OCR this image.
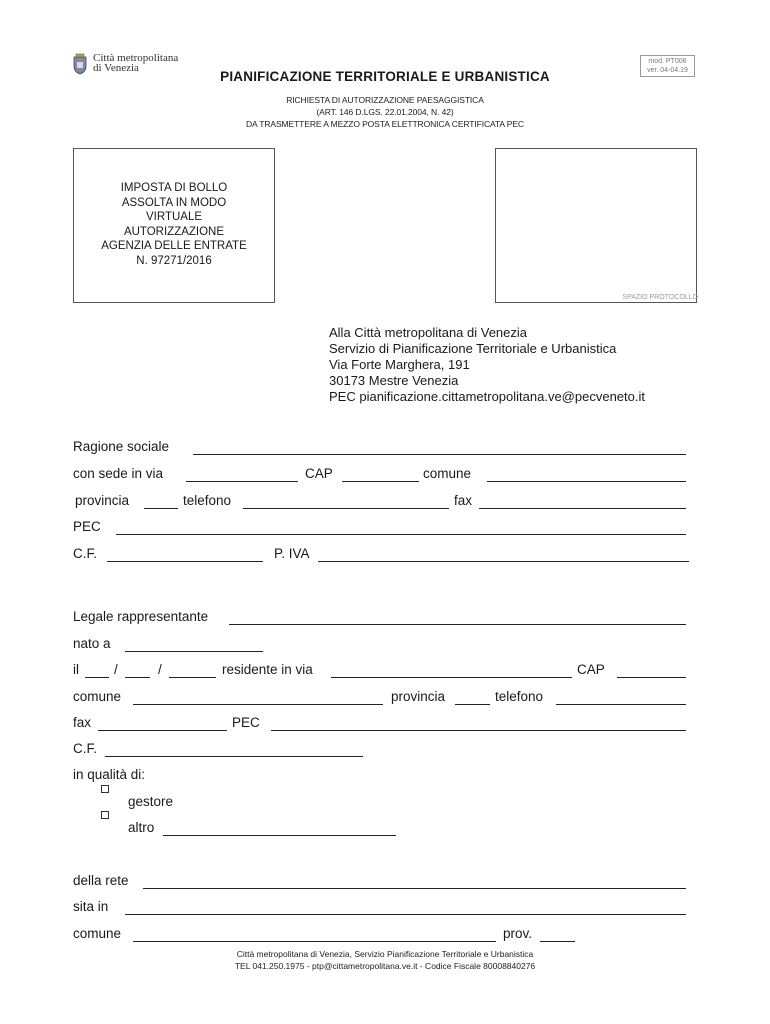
Città metropolitana
di Venezia
mod. PT006
ver. 04-04.19
PIANIFICAZIONE TERRITORIALE E URBANISTICA
RICHIESTA DI AUTORIZZAZIONE PAESAGGISTICA
(ART. 146 D.LGS. 22.01.2004, N. 42)
DA TRASMETTERE A MEZZO POSTA ELETTRONICA CERTIFICATA PEC
IMPOSTA DI BOLLO
ASSOLTA IN MODO
VIRTUALE
AUTORIZZAZIONE
AGENZIA DELLE ENTRATE
N. 97271/2016
SPAZIO PROTOCOLLO
Alla Città metropolitana di Venezia
Servizio di Pianificazione Territoriale e Urbanistica
Via Forte Marghera, 191
30173 Mestre Venezia
PEC pianificazione.cittametropolitana.ve@pecveneto.it
Ragione sociale
con sede in via	CAP	comune
provincia	telefono	fax
PEC
C.F.	P. IVA
Legale rappresentante
nato a
il	/	/	residente in via	CAP
comune	provincia	telefono
fax	PEC
C.F.
in qualità di:
gestore
altro
della rete
sita in
comune	prov.
Città metropolitana di Venezia, Servizio Pianificazione Territoriale e Urbanistica
TEL 041.250.1975 - ptp@cittametropolitana.ve.it - Codice Fiscale 80008840276
